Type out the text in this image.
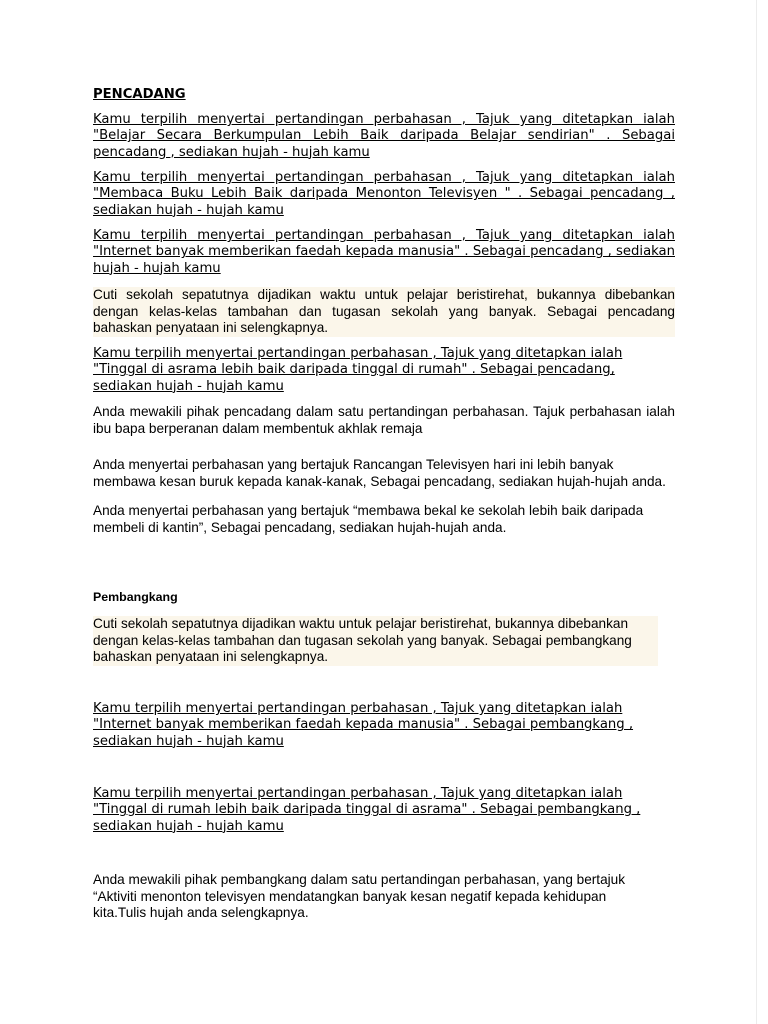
PENCADANG

Kamu terpilih menyertai pertandingan perbahasan , Tajuk yang ditetapkan ialah "Belajar Secara Berkumpulan Lebih Baik daripada Belajar sendirian" . Sebagai pencadang , sediakan hujah - hujah kamu

Kamu terpilih menyertai pertandingan perbahasan , Tajuk yang ditetapkan ialah "Membaca Buku Lebih Baik daripada Menonton Televisyen " . Sebagai pencadang , sediakan hujah - hujah kamu

Kamu terpilih menyertai pertandingan perbahasan , Tajuk yang ditetapkan ialah "Internet banyak memberikan faedah kepada manusia" . Sebagai pencadang , sediakan hujah - hujah kamu

Cuti sekolah sepatutnya dijadikan waktu untuk pelajar beristirehat, bukannya dibebankan dengan kelas-kelas tambahan dan tugasan sekolah yang banyak. Sebagai pencadang bahaskan penyataan ini selengkapnya.

Kamu terpilih menyertai pertandingan perbahasan , Tajuk yang ditetapkan ialah "Tinggal di asrama lebih baik daripada tinggal di rumah" . Sebagai pencadang, sediakan hujah - hujah kamu

Anda mewakili pihak pencadang dalam satu pertandingan perbahasan. Tajuk perbahasan ialah ibu bapa berperanan dalam membentuk akhlak remaja

Anda menyertai perbahasan yang bertajuk Rancangan Televisyen hari ini lebih banyak membawa kesan buruk kepada kanak-kanak, Sebagai pencadang, sediakan hujah-hujah anda.

Anda menyertai perbahasan yang bertajuk “membawa bekal ke sekolah lebih baik daripada membeli di kantin”, Sebagai pencadang, sediakan hujah-hujah anda.

Pembangkang

Cuti sekolah sepatutnya dijadikan waktu untuk pelajar beristirehat, bukannya dibebankan dengan kelas-kelas tambahan dan tugasan sekolah yang banyak. Sebagai pembangkang bahaskan penyataan ini selengkapnya.

Kamu terpilih menyertai pertandingan perbahasan , Tajuk yang ditetapkan ialah "Internet banyak memberikan faedah kepada manusia" . Sebagai pembangkang , sediakan hujah - hujah kamu

Kamu terpilih menyertai pertandingan perbahasan , Tajuk yang ditetapkan ialah "Tinggal di rumah lebih baik daripada tinggal di asrama" . Sebagai pembangkang , sediakan hujah - hujah kamu

Anda mewakili pihak pembangkang dalam satu pertandingan perbahasan, yang bertajuk “Aktiviti menonton televisyen mendatangkan banyak kesan negatif kepada kehidupan kita.Tulis hujah anda selengkapnya.
